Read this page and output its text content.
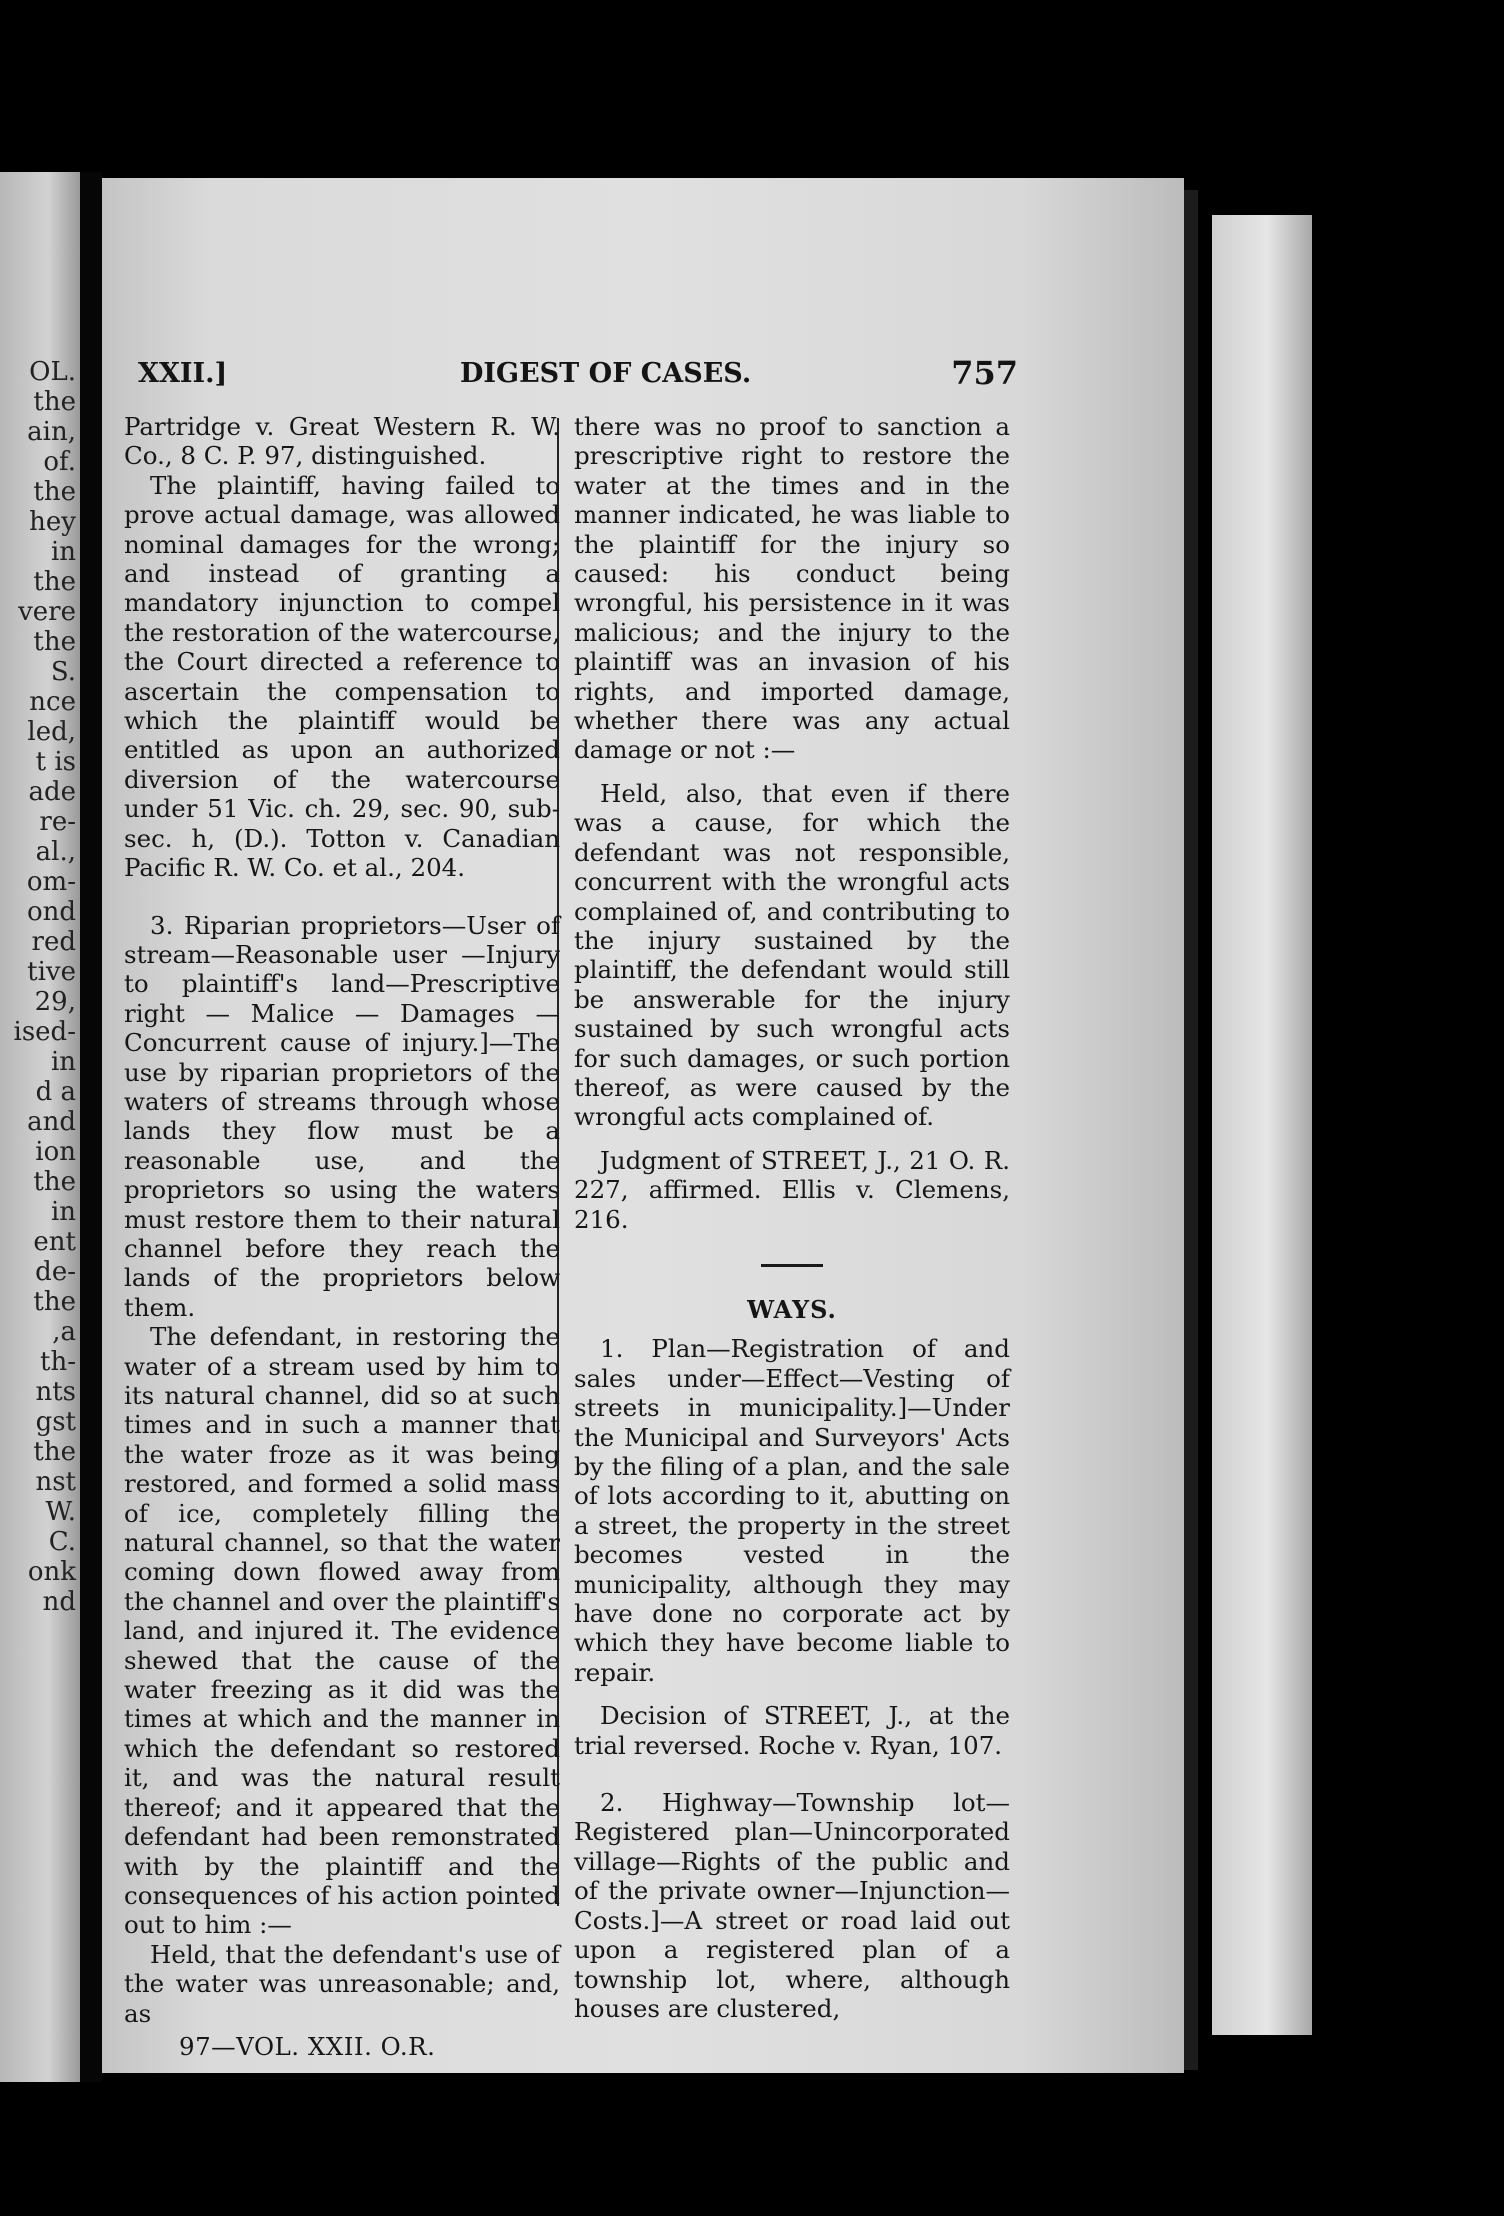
OL.
the
ain,
of.
the
hey
in
the
vere
the
S.
nce
led,
t is
ade
re-
al.,
om-
ond
red
tive
29,
ised-
in
d a
and
ion
the
in
ent
de-
the
,a
th-
nts
gst
the
nst
W.
C.
onk
nd
XXII.]	DIGEST OF CASES.	757

Partridge v. Great Western R. W. Co., 8 C. P. 97, distinguished.

The plaintiff, having failed to prove actual damage, was allowed nominal damages for the wrong; and instead of granting a mandatory injunction to compel the restoration of the watercourse, the Court directed a reference to ascertain the compensation to which the plaintiff would be entitled as upon an authorized diversion of the watercourse under 51 Vic. ch. 29, sec. 90, sub-sec. h, (D.). Totton v. Canadian Pacific R. W. Co. et al., 204.

3. Riparian proprietors—User of stream—Reasonable user —Injury to plaintiff's land—Prescriptive right — Malice — Damages — Concurrent cause of injury.]—The use by riparian proprietors of the waters of streams through whose lands they flow must be a reasonable use, and the proprietors so using the waters must restore them to their natural channel before they reach the lands of the proprietors below them.

The defendant, in restoring the water of a stream used by him to its natural channel, did so at such times and in such a manner that the water froze as it was being restored, and formed a solid mass of ice, completely filling the natural channel, so that the water coming down flowed away from the channel and over the plaintiff's land, and injured it. The evidence shewed that the cause of the water freezing as it did was the times at which and the manner in which the defendant so restored it, and was the natural result thereof; and it appeared that the defendant had been remonstrated with by the plaintiff and the consequences of his action pointed out to him :—

Held, that the defendant's use of the water was unreasonable; and, as

97—VOL. XXII. O.R.

there was no proof to sanction a prescriptive right to restore the water at the times and in the manner indicated, he was liable to the plaintiff for the injury so caused: his conduct being wrongful, his persistence in it was malicious; and the injury to the plaintiff was an invasion of his rights, and imported damage, whether there was any actual damage or not :—

Held, also, that even if there was a cause, for which the defendant was not responsible, concurrent with the wrongful acts complained of, and contributing to the injury sustained by the plaintiff, the defendant would still be answerable for the injury sustained by such wrongful acts for such damages, or such portion thereof, as were caused by the wrongful acts complained of.

Judgment of STREET, J., 21 O. R. 227, affirmed. Ellis v. Clemens, 216.

WAYS.

1. Plan—Registration of and sales under—Effect—Vesting of streets in municipality.]—Under the Municipal and Surveyors' Acts by the filing of a plan, and the sale of lots according to it, abutting on a street, the property in the street becomes vested in the municipality, although they may have done no corporate act by which they have become liable to repair.

Decision of STREET, J., at the trial reversed. Roche v. Ryan, 107.

2. Highway—Township lot—Registered plan—Unincorporated village—Rights of the public and of the private owner—Injunction—Costs.]—A street or road laid out upon a registered plan of a township lot, where, although houses are clustered,
